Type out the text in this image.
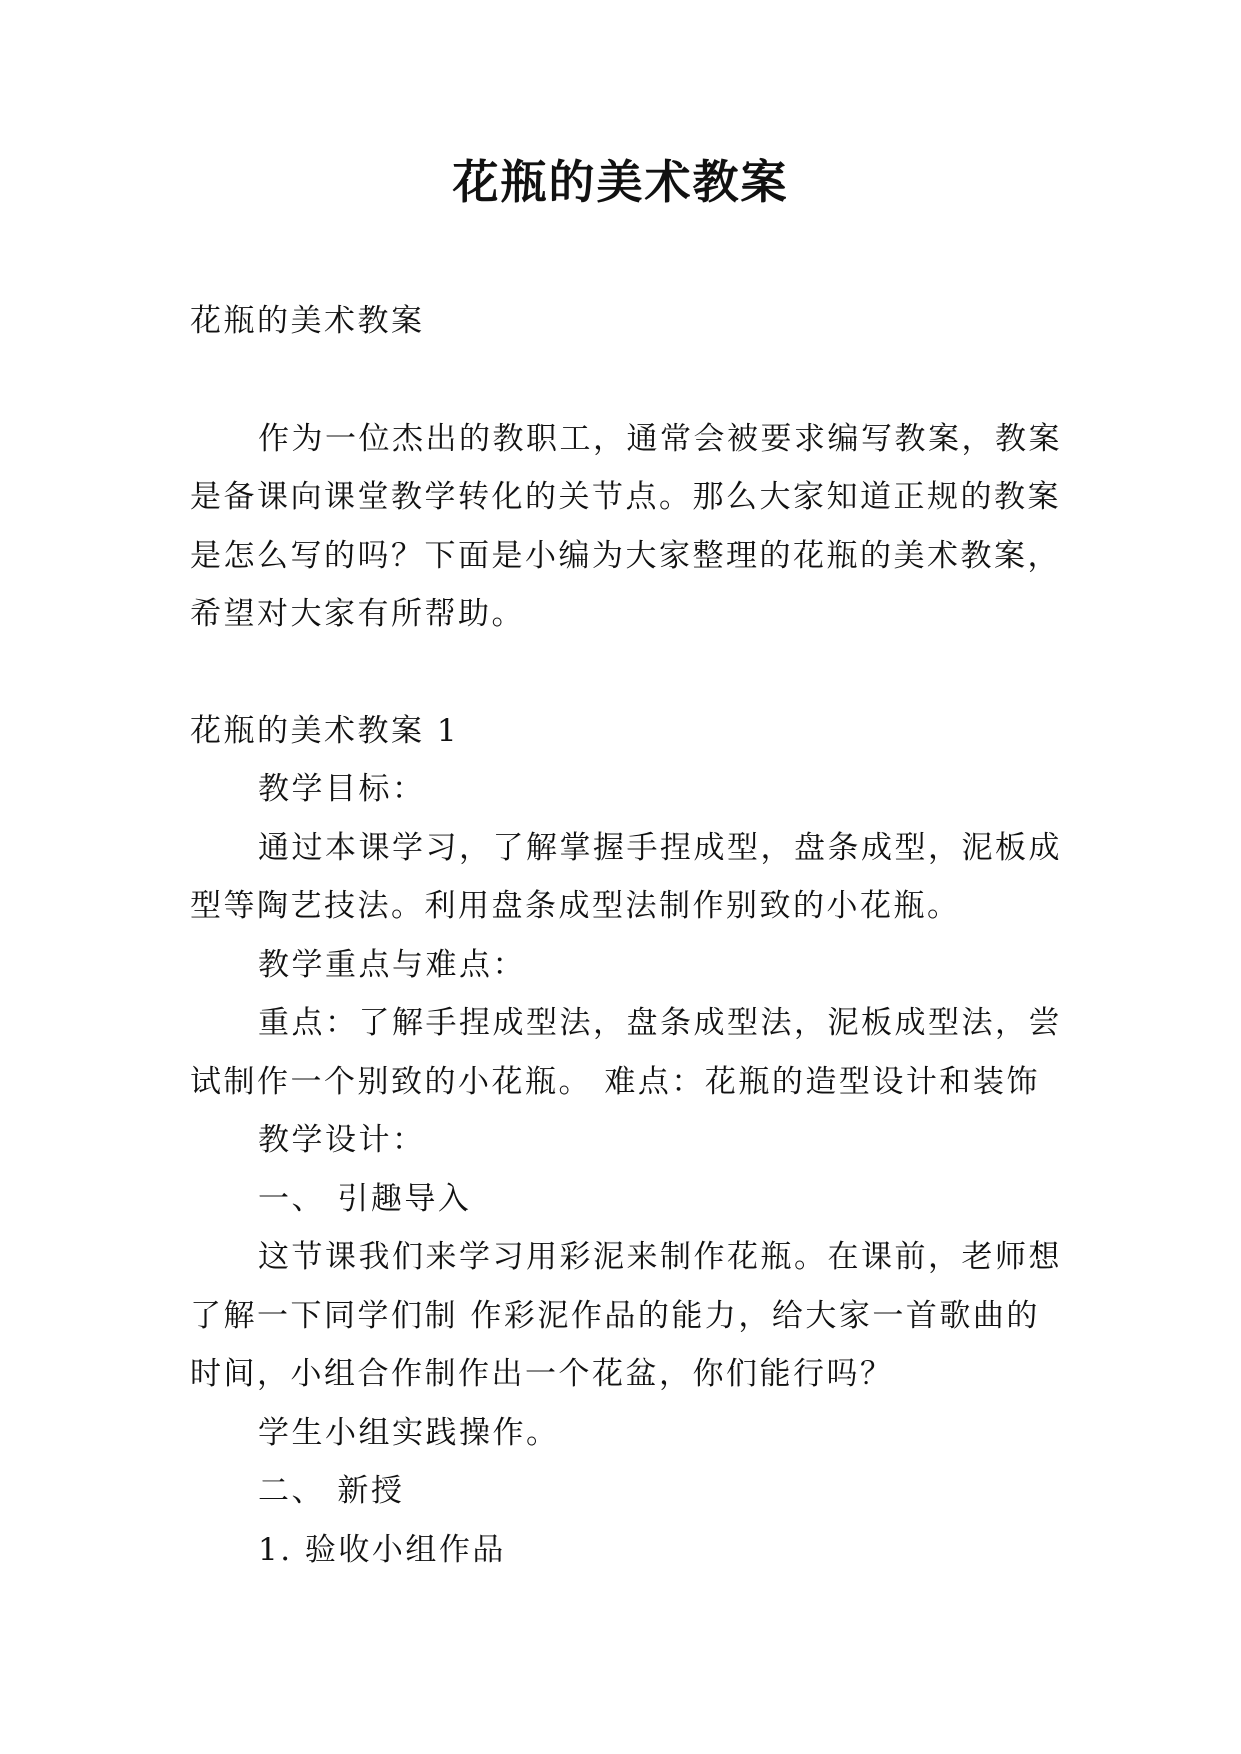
花瓶的美术教案

花瓶的美术教案

作为一位杰出的教职工，通常会被要求编写教案，教案是备课向课堂教学转化的关节点。那么大家知道正规的教案是怎么写的吗？下面是小编为大家整理的花瓶的美术教案，希望对大家有所帮助。

花瓶的美术教案 1

教学目标：

通过本课学习，了解掌握手捏成型，盘条成型，泥板成型等陶艺技法。利用盘条成型法制作别致的小花瓶。

教学重点与难点：

重点：了解手捏成型法，盘条成型法，泥板成型法，尝试制作一个别致的小花瓶。 难点：花瓶的造型设计和装饰

教学设计：

一、 引趣导入

这节课我们来学习用彩泥来制作花瓶。在课前，老师想了解一下同学们制 作彩泥作品的能力，给大家一首歌曲的时间，小组合作制作出一个花盆，你们能行吗？

学生小组实践操作。

二、 新授

1. 验收小组作品
